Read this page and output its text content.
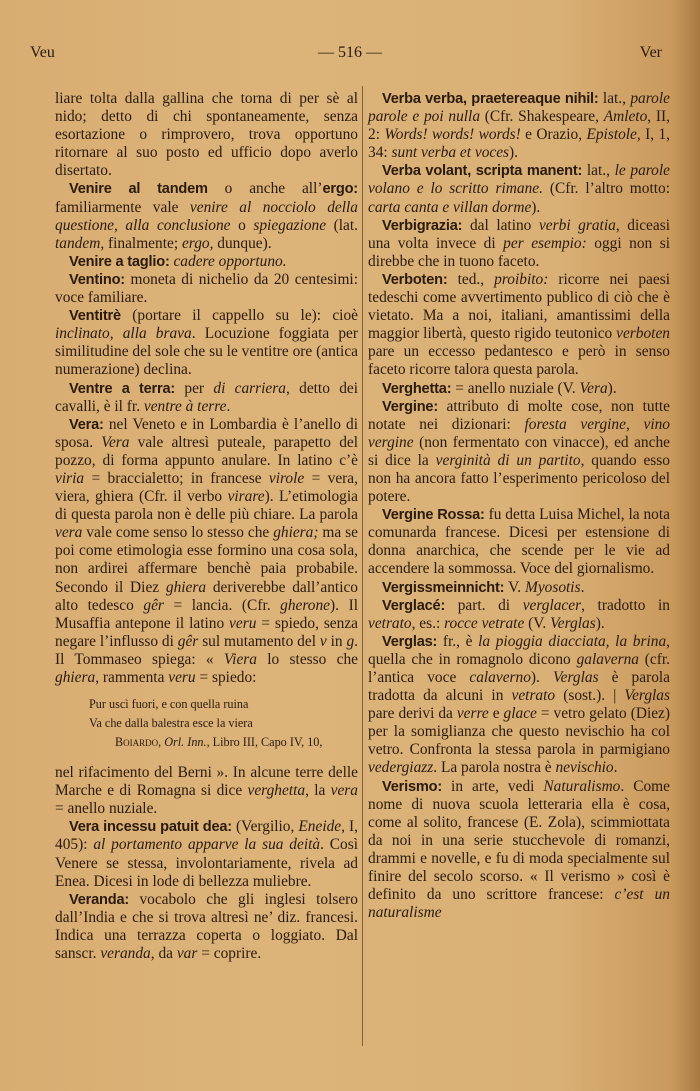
Veu	— 516 —	Ver

liare tolta dalla gallina che torna di per sè al nido; detto di chi spontaneamente, senza esortazione o rimprovero, trova opportuno ritornare al suo posto ed ufficio dopo averlo disertato.

Venire al tandem o anche all’ergo: familiarmente vale venire al nocciolo della questione, alla conclusione o spiegazione (lat. tandem, finalmente; ergo, dunque).

Venire a taglio: cadere opportuno.

Ventino: moneta di nichelio da 20 centesimi: voce familiare.

Ventitrè (portare il cappello su le): cioè inclinato, alla brava. Locuzione foggiata per similitudine del sole che su le ventitre ore (antica numerazione) declina.

Ventre a terra: per di carriera, detto dei cavalli, è il fr. ventre à terre.

Vera: nel Veneto e in Lombardia è l’anello di sposa. Vera vale altresì puteale, parapetto del pozzo, di forma appunto anulare. In latino c’è viria = braccialetto; in francese virole = vera, viera, ghiera (Cfr. il verbo virare). L’etimologia di questa parola non è delle più chiare. La parola vera vale come senso lo stesso che ghiera; ma se poi come etimologia esse formino una cosa sola, non ardirei affermare benchè paia probabile. Secondo il Diez ghiera deriverebbe dall’antico alto tedesco gêr = lancia. (Cfr. gherone). Il Musaffia antepone il latino veru = spiedo, senza negare l’influsso di gêr sul mutamento del v in g. Il Tommaseo spiega: « Viera lo stesso che ghiera, rammenta veru = spiedo:

Pur uscì fuori, e con quella ruina
Va che dalla balestra esce la viera
Boiardo, Orl. Inn., Libro III, Capo IV, 10,

nel rifacimento del Berni ». In alcune terre delle Marche e di Romagna si dice verghetta, la vera = anello nuziale.

Vera incessu patuit dea: (Vergilio, Eneide, I, 405): al portamento apparve la sua deità. Così Venere se stessa, involontariamente, rivela ad Enea. Dicesi in lode di bellezza muliebre.

Veranda: vocabolo che gli inglesi tolsero dall’India e che si trova altresì ne’ diz. francesi. Indica una terrazza coperta o loggiato. Dal sanscr. veranda, da var = coprire.

Verba verba, praetereaque nihil: lat., parole parole e poi nulla (Cfr. Shakespeare, Amleto, II, 2: Words! words! words! e Orazio, Epistole, I, 1, 34: sunt verba et voces).

Verba volant, scripta manent: lat., le parole volano e lo scritto rimane. (Cfr. l’altro motto: carta canta e villan dorme).

Verbigrazia: dal latino verbi gratia, diceasi una volta invece di per esempio: oggi non si direbbe che in tuono faceto.

Verboten: ted., proibito: ricorre nei paesi tedeschi come avvertimento publico di ciò che è vietato. Ma a noi, italiani, amantissimi della maggior libertà, questo rigido teutonico verboten pare un eccesso pedantesco e però in senso faceto ricorre talora questa parola.

Verghetta: = anello nuziale (V. Vera).

Vergine: attributo di molte cose, non tutte notate nei dizionari: foresta vergine, vino vergine (non fermentato con vinacce), ed anche si dice la verginità di un partito, quando esso non ha ancora fatto l’esperimento pericoloso del potere.

Vergine Rossa: fu detta Luisa Michel, la nota comunarda francese. Dicesi per estensione di donna anarchica, che scende per le vie ad accendere la sommossa. Voce del giornalismo.

Vergissmeinnicht: V. Myosotis.

Verglacé: part. di verglacer, tradotto in vetrato, es.: rocce vetrate (V. Verglas).

Verglas: fr., è la pioggia diacciata, la brina, quella che in romagnolo dicono galaverna (cfr. l’antica voce calaverno). Verglas è parola tradotta da alcuni in vetrato (sost.). | Verglas pare derivi da verre e glace = vetro gelato (Diez) per la somiglianza che questo nevischio ha col vetro. Confronta la stessa parola in parmigiano vedergiazz. La parola nostra è nevischio.

Verismo: in arte, vedi Naturalismo. Come nome di nuova scuola letteraria ella è cosa, come al solito, francese (E. Zola), scimmiottata da noi in una serie stucchevole di romanzi, drammi e novelle, e fu di moda specialmente sul finire del secolo scorso. « Il verismo » così è definito da uno scrittore francese: c’est un naturalisme
